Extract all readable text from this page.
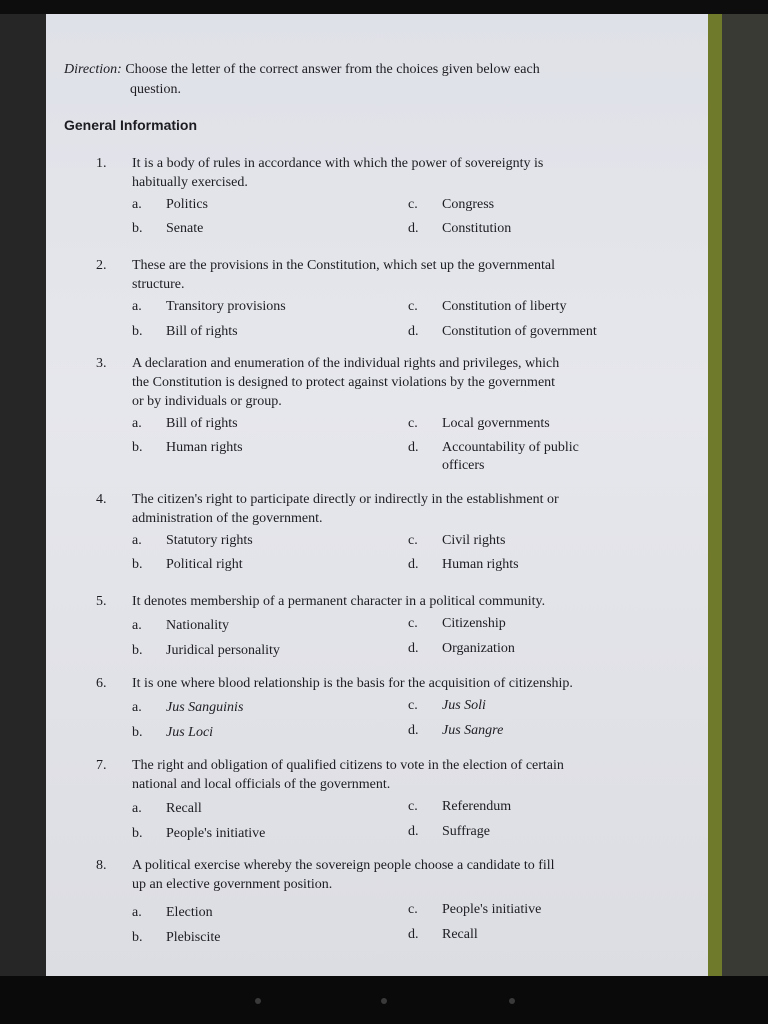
Direction: Choose the letter of the correct answer from the choices given below each
question.
General Information
1.	It is a body of rules in accordance with which the power of sovereignty is
habitually exercised.
a. Politics
b. Senate
c. Congress
d. Constitution
2.	These are the provisions in the Constitution, which set up the governmental
structure.
a. Transitory provisions
b. Bill of rights
c. Constitution of liberty
d. Constitution of government
3.	A declaration and enumeration of the individual rights and privileges, which
the Constitution is designed to protect against violations by the government
or by individuals or group.
a. Bill of rights
b. Human rights
c. Local governments
d. Accountability of public
officers
4.	The citizen's right to participate directly or indirectly in the establishment or
administration of the government.
a. Statutory rights
b. Political right
c. Civil rights
d. Human rights
5.	It denotes membership of a permanent character in a political community.
a. Nationality
b. Juridical personality
c. Citizenship
d. Organization
6.	It is one where blood relationship is the basis for the acquisition of citizenship.
a. Jus Sanguinis
b. Jus Loci
c. Jus Soli
d. Jus Sangre
7.	The right and obligation of qualified citizens to vote in the election of certain
national and local officials of the government.
a. Recall
b. People's initiative
c. Referendum
d. Suffrage
8.	A political exercise whereby the sovereign people choose a candidate to fill
up an elective government position.
a. Election
b. Plebiscite
c. People's initiative
d. Recall
